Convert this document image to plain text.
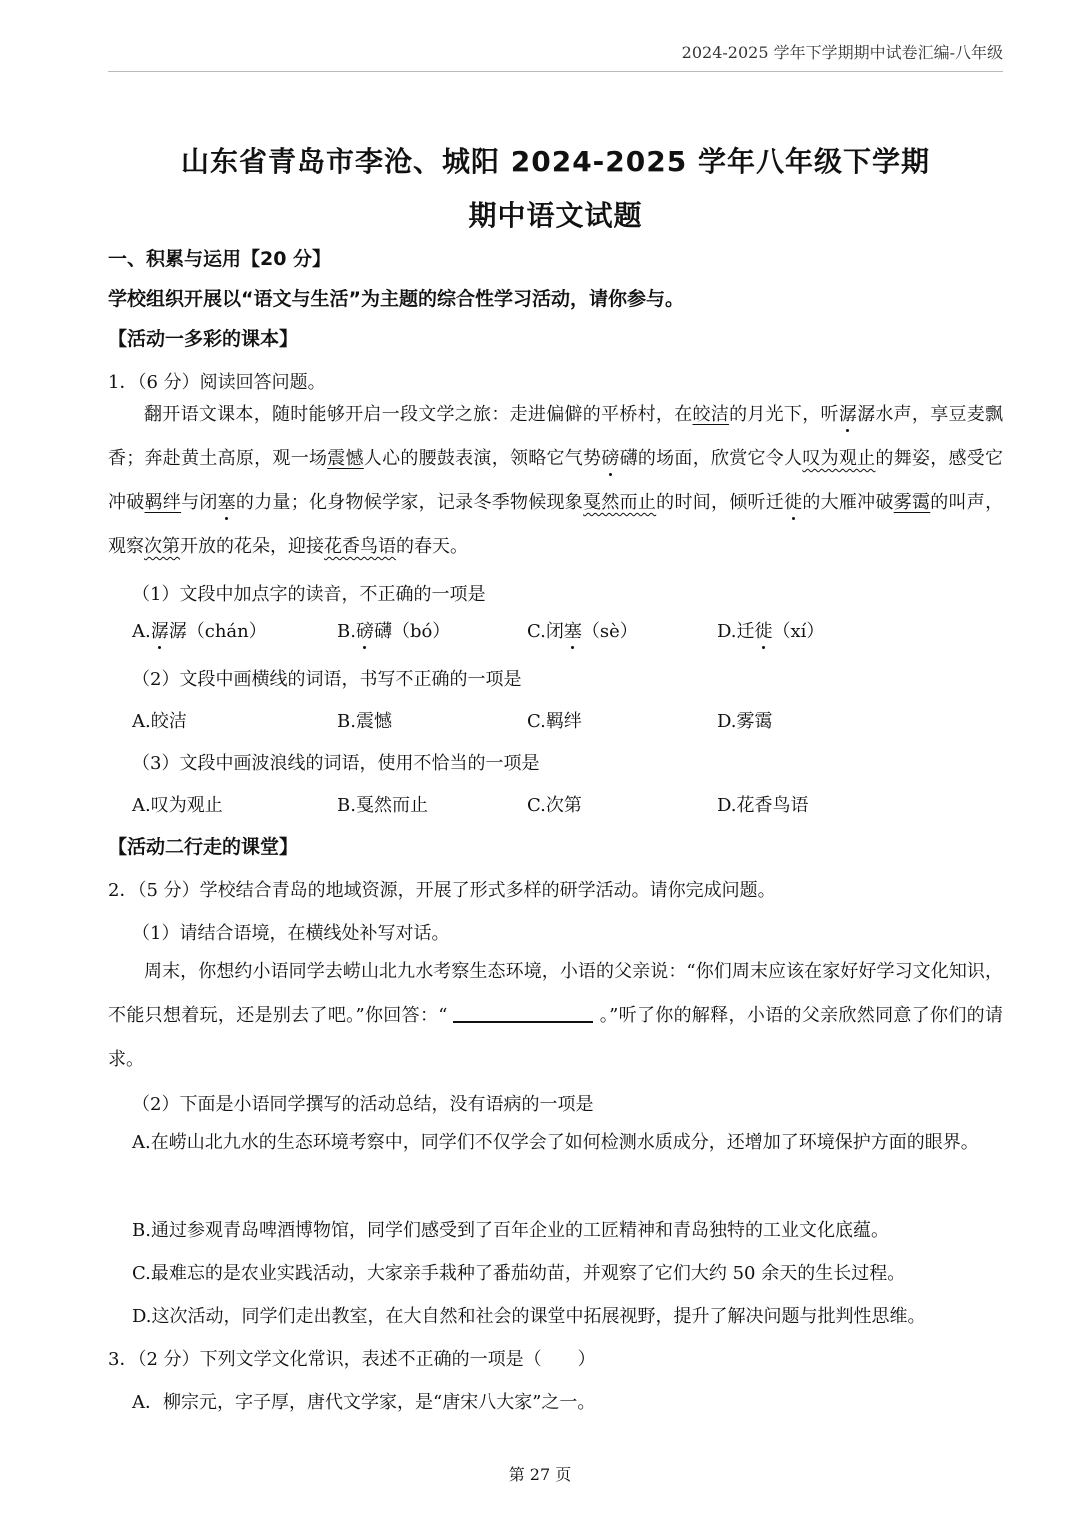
2024-2025 学年下学期期中试卷汇编-八年级
山东省青岛市李沧、城阳 2024-2025 学年八年级下学期
期中语文试题
一、积累与运用【20 分】
学校组织开展以“语文与生活”为主题的综合性学习活动，请你参与。
【活动一多彩的课本】
1．（6 分）阅读回答问题。
翻开语文课本，随时能够开启一段文学之旅：走进偏僻的平桥村，在皎洁的月光下，听潺潺水声，享豆麦飘香；奔赴黄土高原，观一场震憾人心的腰鼓表演，领略它气势磅礴的场面，欣赏它令人叹为观止的舞姿，感受它冲破羁绊与闭塞的力量；化身物候学家，记录冬季物候现象戛然而止的时间，倾听迁徙的大雁冲破雾霭的叫声，观察次第开放的花朵，迎接花香鸟语的春天。
（1）文段中加点字的读音，不正确的一项是
A.潺潺（chán）	B.磅礴（bó）	C.闭塞（sè）	D.迁徙（xí）
（2）文段中画横线的词语，书写不正确的一项是
A.皎洁	B.震憾	C.羁绊	D.雾霭
（3）文段中画波浪线的词语，使用不恰当的一项是
A.叹为观止	B.戛然而止	C.次第	D.花香鸟语
【活动二行走的课堂】
2．（5 分）学校结合青岛的地域资源，开展了形式多样的研学活动。请你完成问题。
（1）请结合语境，在横线处补写对话。
周末，你想约小语同学去崂山北九水考察生态环境，小语的父亲说：“你们周末应该在家好好学习文化知识，不能只想着玩，还是别去了吧。”你回答：“	。”听了你的解释，小语的父亲欣然同意了你们的请求。
（2）下面是小语同学撰写的活动总结，没有语病的一项是
A.在崂山北九水的生态环境考察中，同学们不仅学会了如何检测水质成分，还增加了环境保护方面的眼界。
B.通过参观青岛啤酒博物馆，同学们感受到了百年企业的工匠精神和青岛独特的工业文化底蕴。
C.最难忘的是农业实践活动，大家亲手栽种了番茄幼苗，并观察了它们大约 50 余天的生长过程。
D.这次活动，同学们走出教室，在大自然和社会的课堂中拓展视野，提升了解决问题与批判性思维。
3．（2 分）下列文学文化常识，表述不正确的一项是（　　）
A．柳宗元，字子厚，唐代文学家，是“唐宋八大家”之一。
第 27 页
